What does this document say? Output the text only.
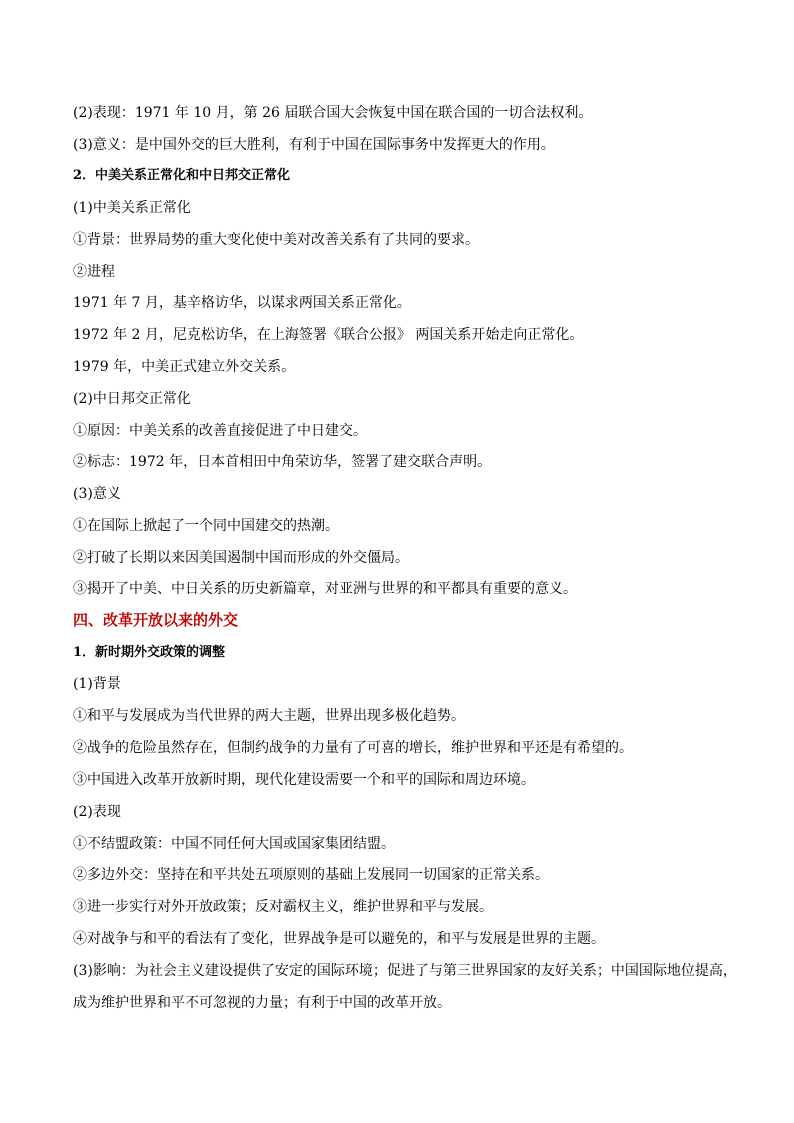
(2)表现：1971 年 10 月，第 26 届联合国大会恢复中国在联合国的一切合法权利。
(3)意义：是中国外交的巨大胜利，有利于中国在国际事务中发挥更大的作用。
2．中美关系正常化和中日邦交正常化
(1)中美关系正常化
①背景：世界局势的重大变化使中美对改善关系有了共同的要求。
②进程
1971 年 7 月，基辛格访华，以谋求两国关系正常化。
1972 年 2 月，尼克松访华，在上海签署《联合公报》 两国关系开始走向正常化。
1979 年，中美正式建立外交关系。
(2)中日邦交正常化
①原因：中美关系的改善直接促进了中日建交。
②标志：1972 年，日本首相田中角荣访华，签署了建交联合声明。
(3)意义
①在国际上掀起了一个同中国建交的热潮。
②打破了长期以来因美国遏制中国而形成的外交僵局。
③揭开了中美、中日关系的历史新篇章，对亚洲与世界的和平都具有重要的意义。
四、改革开放以来的外交
1．新时期外交政策的调整
(1)背景
①和平与发展成为当代世界的两大主题，世界出现多极化趋势。
②战争的危险虽然存在，但制约战争的力量有了可喜的增长，维护世界和平还是有希望的。
③中国进入改革开放新时期，现代化建设需要一个和平的国际和周边环境。
(2)表现
①不结盟政策：中国不同任何大国或国家集团结盟。
②多边外交：坚持在和平共处五项原则的基础上发展同一切国家的正常关系。
③进一步实行对外开放政策；反对霸权主义，维护世界和平与发展。
④对战争与和平的看法有了变化，世界战争是可以避免的，和平与发展是世界的主题。
(3)影响：为社会主义建设提供了安定的国际环境；促进了与第三世界国家的友好关系；中国国际地位提高，
成为维护世界和平不可忽视的力量；有利于中国的改革开放。
